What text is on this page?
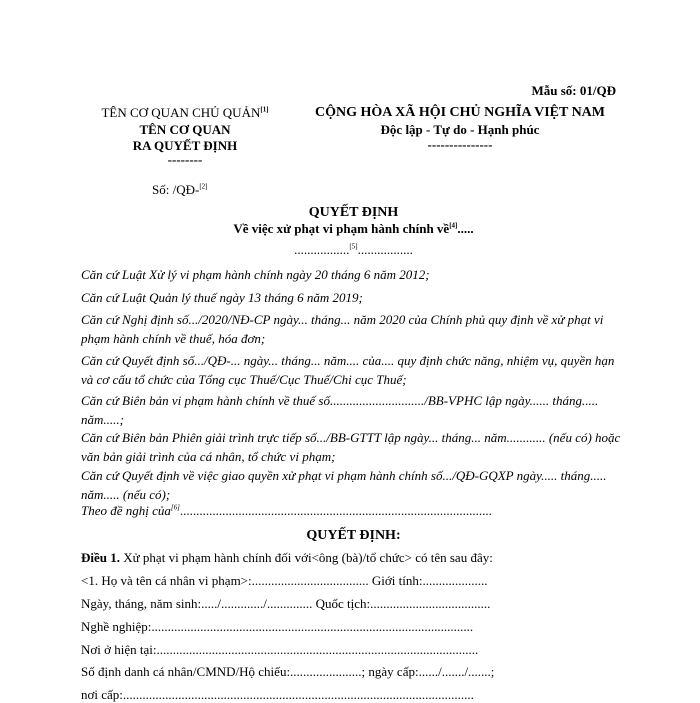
Mẫu số: 01/QĐ
TÊN CƠ QUAN CHỦ QUẢN[1]
TÊN CƠ QUAN
RA QUYẾT ĐỊNH
--------
CỘNG HÒA XÃ HỘI CHỦ NGHĨA VIỆT NAM
Độc lập - Tự do - Hạnh phúc
---------------
Số: /QĐ-[2]
QUYẾT ĐỊNH
Về việc xử phạt vi phạm hành chính về[4].....
.................[5].................
Căn cứ Luật Xử lý vi phạm hành chính ngày 20 tháng 6 năm 2012;
Căn cứ Luật Quản lý thuế ngày 13 tháng 6 năm 2019;
Căn cứ Nghị định số.../2020/NĐ-CP ngày... tháng... năm 2020 của Chính phủ quy định về xử phạt vi phạm hành chính về thuế, hóa đơn;
Căn cứ Quyết định số.../QĐ-... ngày... tháng... năm.... của.... quy định chức năng, nhiệm vụ, quyền hạn và cơ cấu tổ chức của Tổng cục Thuế/Cục Thuế/Chi cục Thuế;
Căn cứ Biên bản vi phạm hành chính về thuế số............................./BB-VPHC lập ngày...... tháng..... năm.....;
Căn cứ Biên bản Phiên giải trình trực tiếp số.../BB-GTTT lập ngày... tháng... năm............ (nếu có) hoặc văn bản giải trình của cá nhân, tổ chức vi phạm;
Căn cứ Quyết định về việc giao quyền xử phạt vi phạm hành chính số.../QĐ-GQXP ngày..... tháng..... năm..... (nếu có);
Theo đề nghị của[6]................................................................................................
QUYẾT ĐỊNH:
Điều 1. Xử phạt vi phạm hành chính đối với<ông (bà)/tổ chức> có tên sau đây:
<1. Họ và tên cá nhân vi phạm>:.................................... Giới tính:....................
Ngày, tháng, năm sinh:...../............./.............. Quốc tịch:.....................................
Nghề nghiệp:...................................................................................................
Nơi ở hiện tại:...................................................................................................
Số định danh cá nhân/CMND/Hộ chiếu:......................; ngày cấp:....../......./.......;
nơi cấp:............................................................................................................
